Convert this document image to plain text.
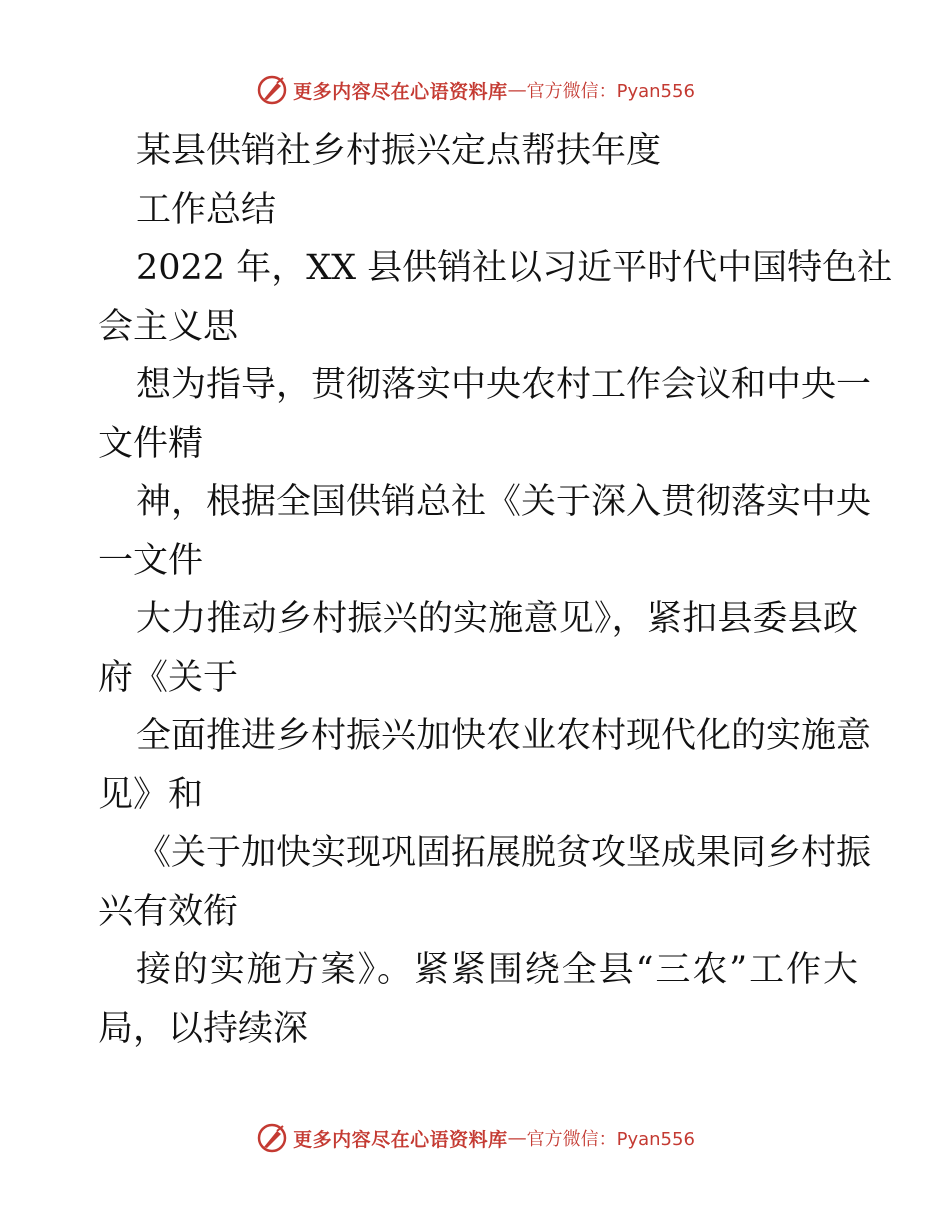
更多内容尽在心语资料库 — 官方微信：Pyan556
某县供销社乡村振兴定点帮扶年度
工作总结
2022 年，XX 县供销社以习近平时代中国特色社
会主义思
想为指导，贯彻落实中央农村工作会议和中央一
文件精
神，根据全国供销总社《关于深入贯彻落实中央
一文件
大力推动乡村振兴的实施意见》，紧扣县委县政
府《关于
全面推进乡村振兴加快农业农村现代化的实施意
见》和
《关于加快实现巩固拓展脱贫攻坚成果同乡村振
兴有效衔
接的实施方案》。紧紧围绕全县“三农”工作大
局，以持续深
更多内容尽在心语资料库 — 官方微信：Pyan556
